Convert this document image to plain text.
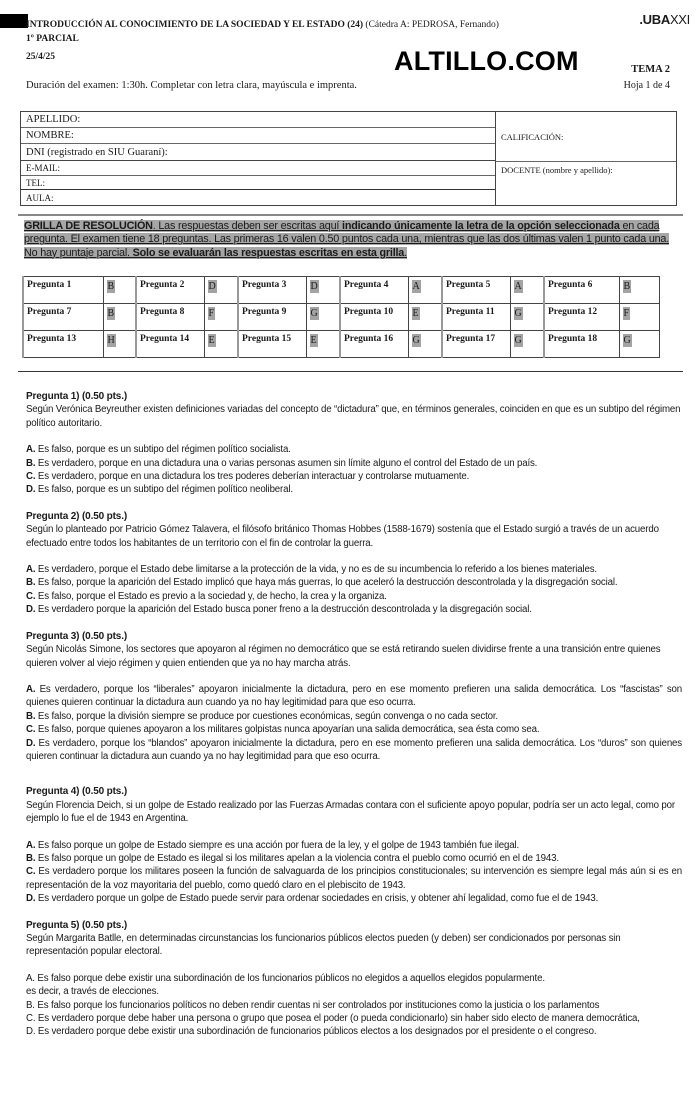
INTRODUCCIÓN AL CONOCIMIENTO DE LA SOCIEDAD Y EL ESTADO (24) (Cátedra A: PEDROSA, Fernando)
1º PARCIAL
25/4/25
.UBAXXI
ALTILLO.COM	TEMA 2
Hoja 1 de 4
Duración del examen: 1:30h. Completar con letra clara, mayúscula e imprenta.
APELLIDO:
NOMBRE:
DNI (registrado en SIU Guaraní):
E-MAIL:
TEL:
AULA:
CALIFICACIÓN:
DOCENTE (nombre y apellido):
GRILLA DE RESOLUCIÓN. Las respuestas deben ser escritas aquí indicando únicamente la letra de la opción seleccionada en cada pregunta. El examen tiene 18 preguntas. Las primeras 16 valen 0.50 puntos cada una, mientras que las dos últimas valen 1 punto cada una. No hay puntaje parcial. Solo se evaluarán las respuestas escritas en esta grilla.
Pregunta 1	B	Pregunta 2	D	Pregunta 3	D	Pregunta 4	A	Pregunta 5	A	Pregunta 6	B
Pregunta 7	B	Pregunta 8	F	Pregunta 9	G	Pregunta 10	E	Pregunta 11	G	Pregunta 12	F
Pregunta 13	H	Pregunta 14	E	Pregunta 15	E	Pregunta 16	G	Pregunta 17	G	Pregunta 18	G
Pregunta 1) (0.50 pts.)
Según Verónica Beyreuther existen definiciones variadas del concepto de “dictadura” que, en términos generales, coinciden en que es un subtipo del régimen político autoritario.
A. Es falso, porque es un subtipo del régimen político socialista.
B. Es verdadero, porque en una dictadura una o varias personas asumen sin límite alguno el control del Estado de un país.
C. Es verdadero, porque en una dictadura los tres poderes deberían interactuar y controlarse mutuamente.
D. Es falso, porque es un subtipo del régimen político neoliberal.
Pregunta 2) (0.50 pts.)
Según lo planteado por Patricio Gómez Talavera, el filósofo británico Thomas Hobbes (1588-1679) sostenía que el Estado surgió a través de un acuerdo efectuado entre todos los habitantes de un territorio con el fin de controlar la guerra.
A. Es verdadero, porque el Estado debe limitarse a la protección de la vida, y no es de su incumbencia lo referido a los bienes materiales.
B. Es falso, porque la aparición del Estado implicó que haya más guerras, lo que aceleró la destrucción descontrolada y la disgregación social.
C. Es falso, porque el Estado es previo a la sociedad y, de hecho, la crea y la organiza.
D. Es verdadero porque la aparición del Estado busca poner freno a la destrucción descontrolada y la disgregación social.
Pregunta 3) (0.50 pts.)
Según Nicolás Simone, los sectores que apoyaron al régimen no democrático que se está retirando suelen dividirse frente a una transición entre quienes quieren volver al viejo régimen y quien entienden que ya no hay marcha atrás.
A. Es verdadero, porque los “liberales” apoyaron inicialmente la dictadura, pero en ese momento prefieren una salida democrática. Los “fascistas” son quienes quieren continuar la dictadura aun cuando ya no hay legitimidad para que eso ocurra.
B. Es falso, porque la división siempre se produce por cuestiones económicas, según convenga o no cada sector.
C. Es falso, porque quienes apoyaron a los militares golpistas nunca apoyarían una salida democrática, sea ésta como sea.
D. Es verdadero, porque los “blandos” apoyaron inicialmente la dictadura, pero en ese momento prefieren una salida democrática. Los “duros” son quienes quieren continuar la dictadura aun cuando ya no hay legitimidad para que eso ocurra.
Pregunta 4) (0.50 pts.)
Según Florencia Deich, si un golpe de Estado realizado por las Fuerzas Armadas contara con el suficiente apoyo popular, podría ser un acto legal, como por ejemplo lo fue el de 1943 en Argentina.
A. Es falso porque un golpe de Estado siempre es una acción por fuera de la ley, y el golpe de 1943 también fue ilegal.
B. Es falso porque un golpe de Estado es ilegal si los militares apelan a la violencia contra el pueblo como ocurrió en el de 1943.
C. Es verdadero porque los militares poseen la función de salvaguarda de los principios constitucionales; su intervención es siempre legal más aún si es en representación de la voz mayoritaria del pueblo, como quedó claro en el plebiscito de 1943.
D. Es verdadero porque un golpe de Estado puede servir para ordenar sociedades en crisis, y obtener ahí legalidad, como fue el de 1943.
Pregunta 5) (0.50 pts.)
Según Margarita Batlle, en determinadas circunstancias los funcionarios públicos electos pueden (y deben) ser condicionados por personas sin representación popular electoral.
A. Es falso porque debe existir una subordinación de los funcionarios públicos no elegidos a aquellos elegidos popularmente.
es decir, a través de elecciones.
B. Es falso porque los funcionarios políticos no deben rendir cuentas ni ser controlados por instituciones como la justicia o los parlamentos
C. Es verdadero porque debe haber una persona o grupo que posea el poder (o pueda condicionarlo) sin haber sido electo de manera democrática,
D. Es verdadero porque debe existir una subordinación de funcionarios públicos electos a los designados por el presidente o el congreso.
